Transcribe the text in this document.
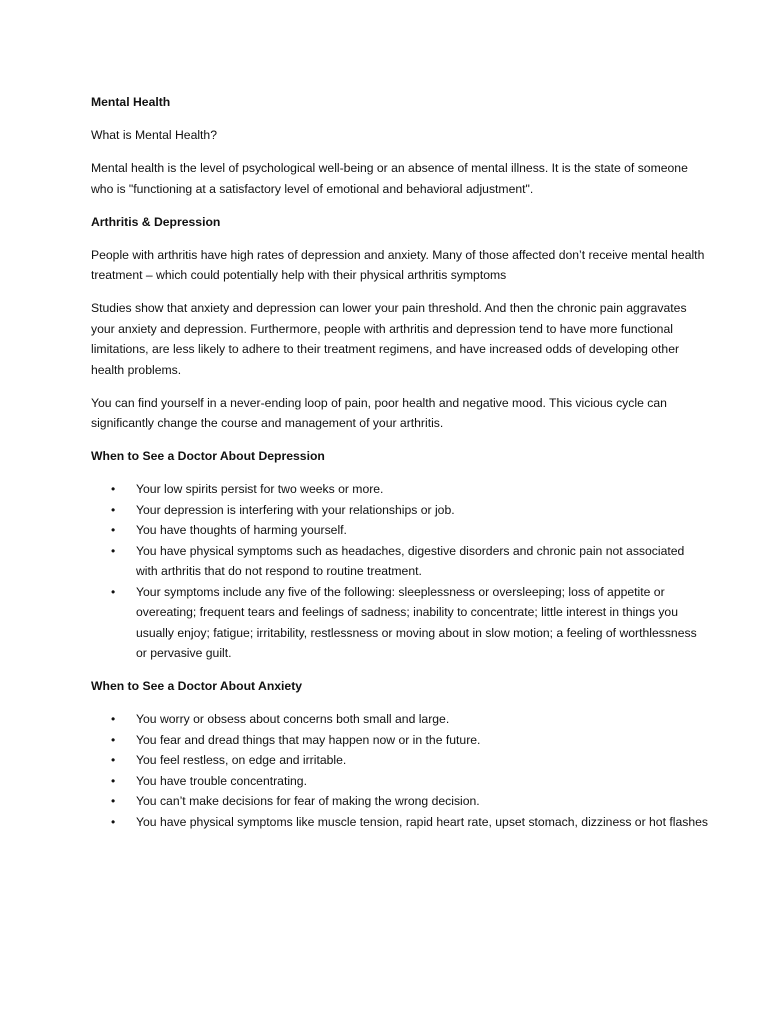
Mental Health

What is Mental Health?

Mental health is the level of psychological well-being or an absence of mental illness. It is the state of someone who is "functioning at a satisfactory level of emotional and behavioral adjustment".

Arthritis & Depression

People with arthritis have high rates of depression and anxiety. Many of those affected don’t receive mental health treatment – which could potentially help with their physical arthritis symptoms

Studies show that anxiety and depression can lower your pain threshold. And then the chronic pain aggravates your anxiety and depression. Furthermore, people with arthritis and depression tend to have more functional limitations, are less likely to adhere to their treatment regimens, and have increased odds of developing other health problems.

You can find yourself in a never-ending loop of pain, poor health and negative mood. This vicious cycle can significantly change the course and management of your arthritis.

When to See a Doctor About Depression

• Your low spirits persist for two weeks or more.
• Your depression is interfering with your relationships or job.
• You have thoughts of harming yourself.
• You have physical symptoms such as headaches, digestive disorders and chronic pain not associated with arthritis that do not respond to routine treatment.
• Your symptoms include any five of the following: sleeplessness or oversleeping; loss of appetite or overeating; frequent tears and feelings of sadness; inability to concentrate; little interest in things you usually enjoy; fatigue; irritability, restlessness or moving about in slow motion; a feeling of worthlessness or pervasive guilt.

When to See a Doctor About Anxiety

• You worry or obsess about concerns both small and large.
• You fear and dread things that may happen now or in the future.
• You feel restless, on edge and irritable.
• You have trouble concentrating.
• You can’t make decisions for fear of making the wrong decision.
• You have physical symptoms like muscle tension, rapid heart rate, upset stomach, dizziness or hot flashes
